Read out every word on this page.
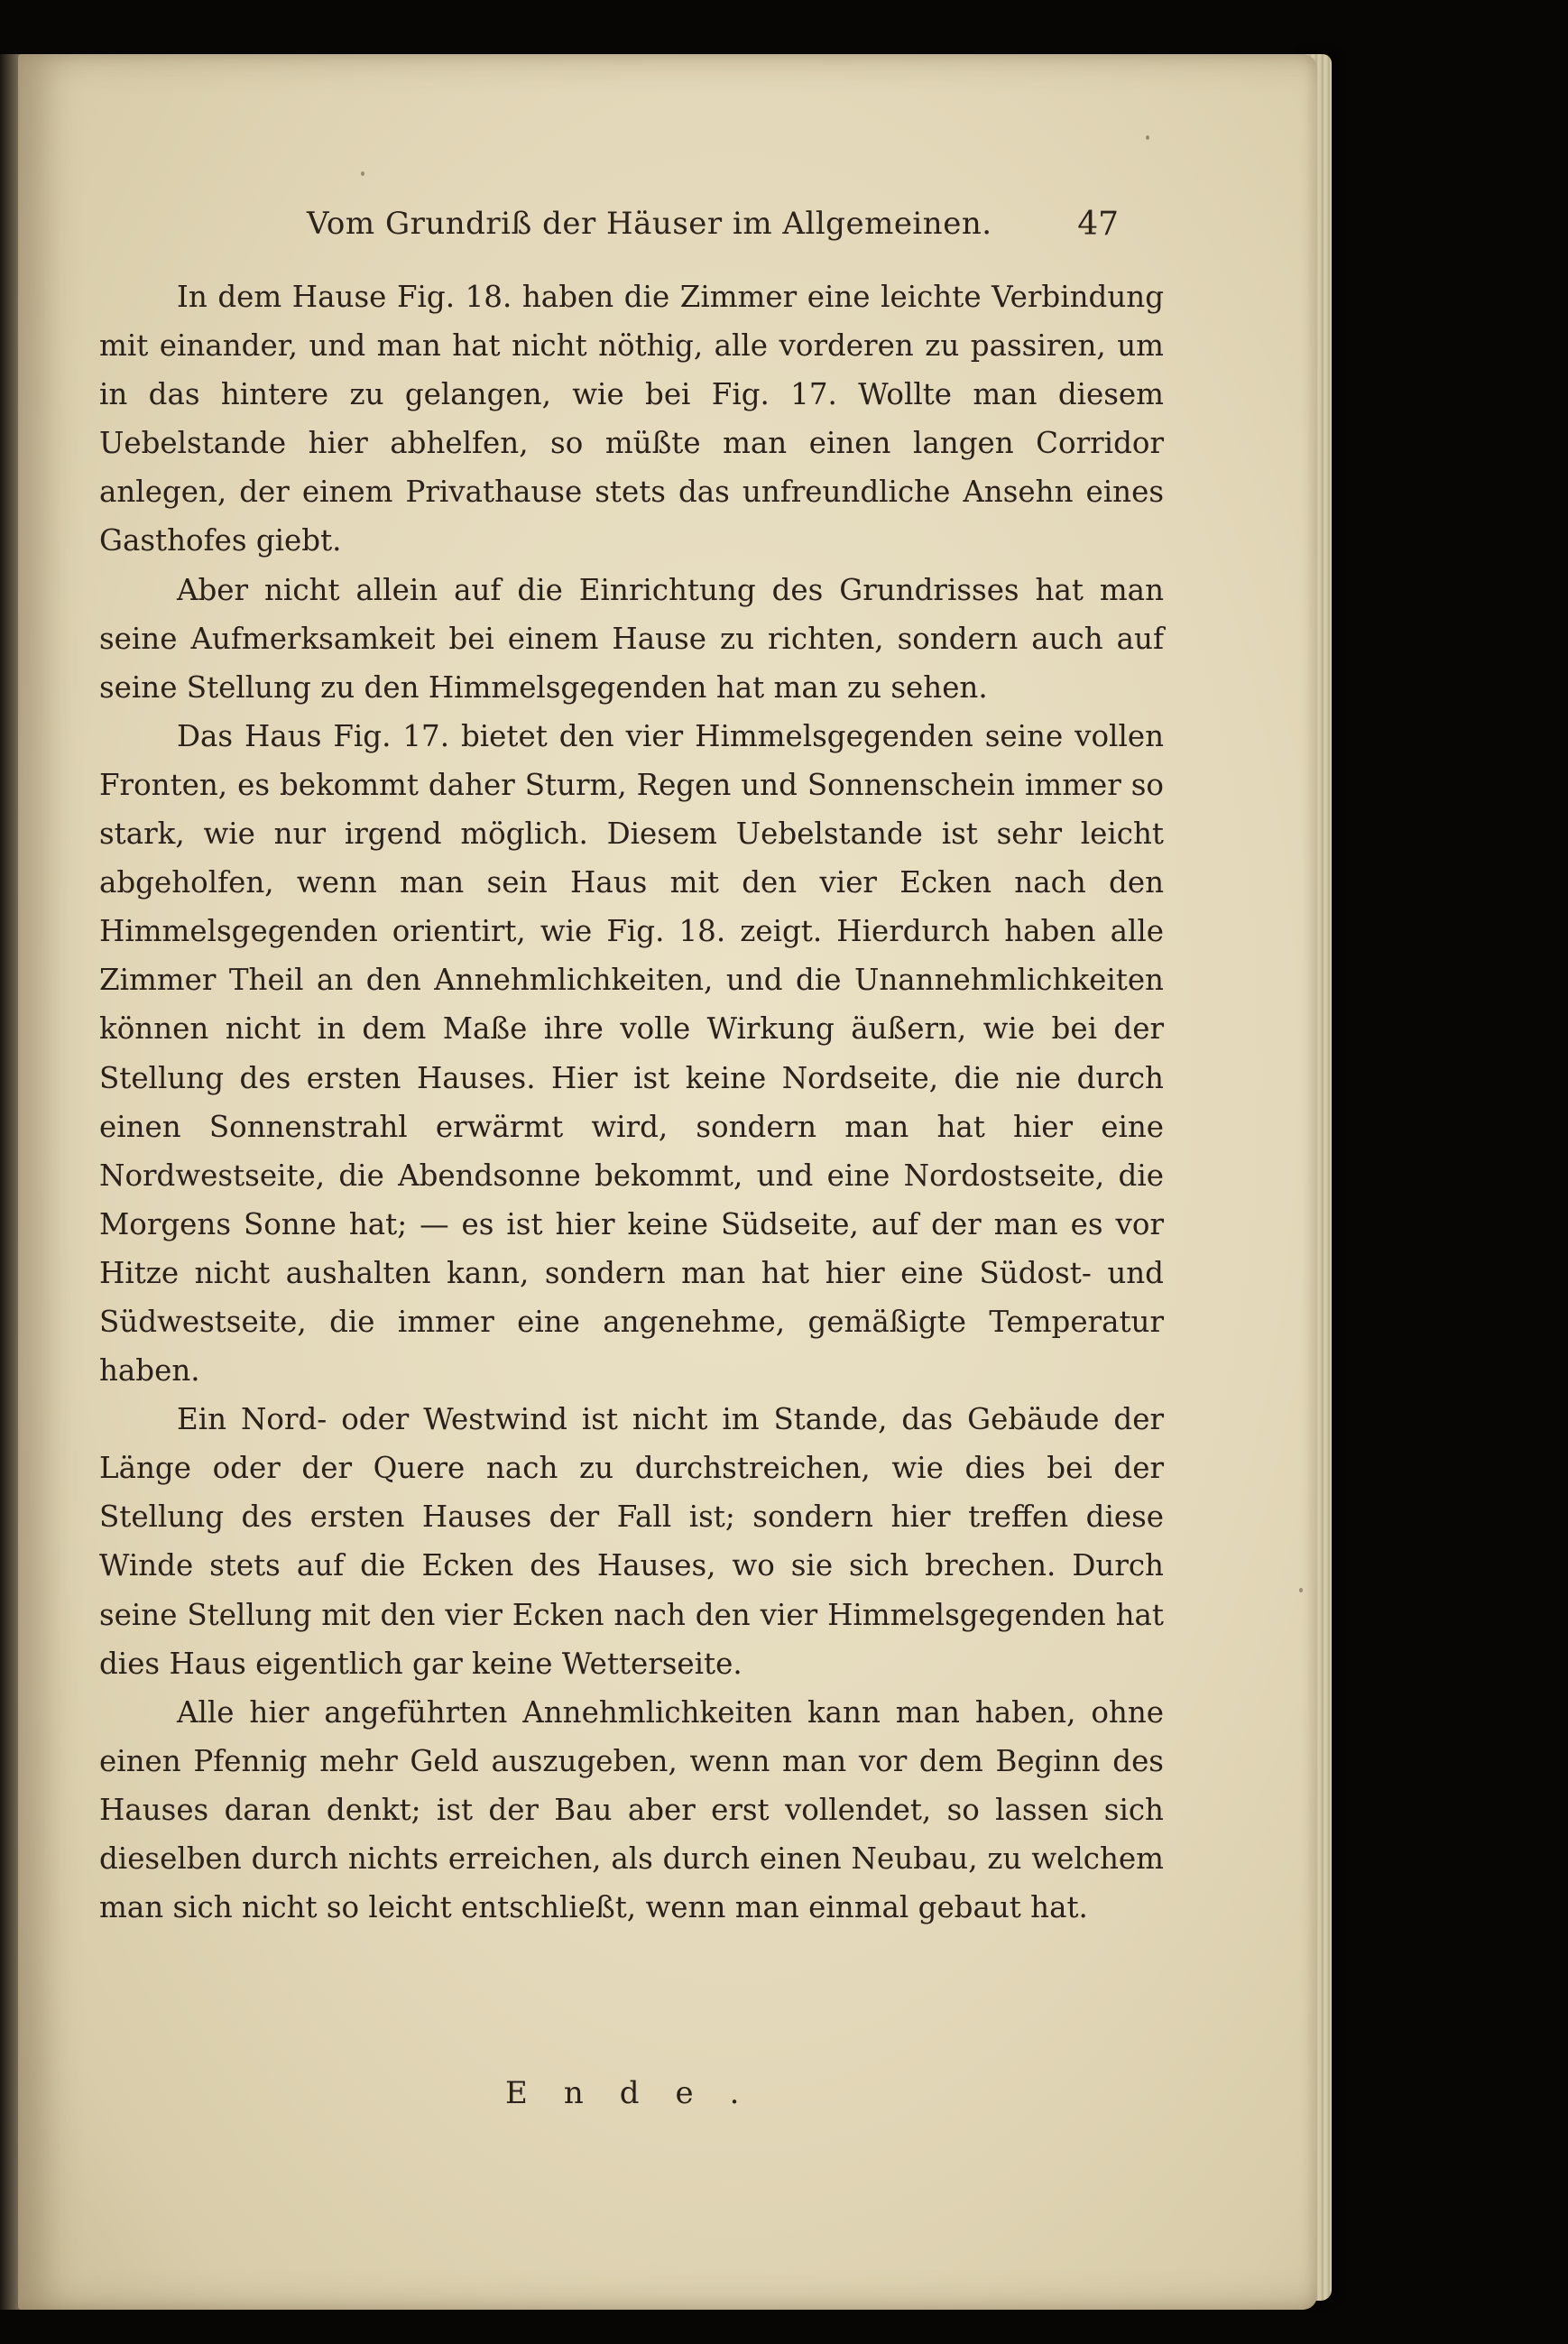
Vom Grundriß der Häuser im Allgemeinen.	47

In dem Hause Fig. 18. haben die Zimmer eine leichte Verbindung mit einander, und man hat nicht nöthig, alle vorderen zu passiren, um in das hintere zu gelangen, wie bei Fig. 17. Wollte man diesem Uebelstande hier abhelfen, so müßte man einen langen Corridor anlegen, der einem Privathause stets das unfreundliche Ansehn eines Gasthofes giebt.

Aber nicht allein auf die Einrichtung des Grundrisses hat man seine Aufmerksamkeit bei einem Hause zu richten, sondern auch auf seine Stellung zu den Himmelsgegenden hat man zu sehen.

Das Haus Fig. 17. bietet den vier Himmelsgegenden seine vollen Fronten, es bekommt daher Sturm, Regen und Sonnenschein immer so stark, wie nur irgend möglich. Diesem Uebelstande ist sehr leicht abgeholfen, wenn man sein Haus mit den vier Ecken nach den Himmelsgegenden orientirt, wie Fig. 18. zeigt. Hierdurch haben alle Zimmer Theil an den Annehmlichkeiten, und die Unannehmlichkeiten können nicht in dem Maße ihre volle Wirkung äußern, wie bei der Stellung des ersten Hauses. Hier ist keine Nordseite, die nie durch einen Sonnenstrahl erwärmt wird, sondern man hat hier eine Nordwestseite, die Abendsonne bekommt, und eine Nordostseite, die Morgens Sonne hat; — es ist hier keine Südseite, auf der man es vor Hitze nicht aushalten kann, sondern man hat hier eine Südost- und Südwestseite, die immer eine angenehme, gemäßigte Temperatur haben.

Ein Nord- oder Westwind ist nicht im Stande, das Gebäude der Länge oder der Quere nach zu durchstreichen, wie dies bei der Stellung des ersten Hauses der Fall ist; sondern hier treffen diese Winde stets auf die Ecken des Hauses, wo sie sich brechen. Durch seine Stellung mit den vier Ecken nach den vier Himmelsgegenden hat dies Haus eigentlich gar keine Wetterseite.

Alle hier angeführten Annehmlichkeiten kann man haben, ohne einen Pfennig mehr Geld auszugeben, wenn man vor dem Beginn des Hauses daran denkt; ist der Bau aber erst vollendet, so lassen sich dieselben durch nichts erreichen, als durch einen Neubau, zu welchem man sich nicht so leicht entschließt, wenn man einmal gebaut hat.

Ende.
